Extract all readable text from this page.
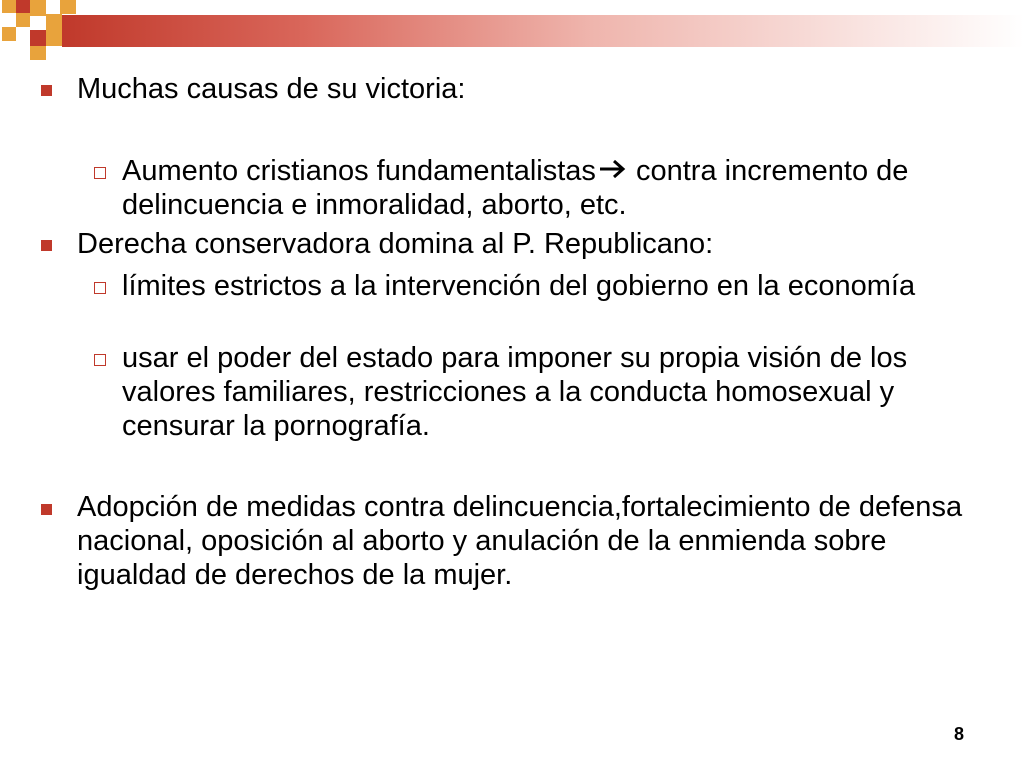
Muchas causas de su victoria:
Aumento cristianos fundamentalistas contra incremento de delincuencia e inmoralidad, aborto, etc.
Derecha conservadora domina al P. Republicano:
límites estrictos a la intervención del gobierno en la economía
usar el poder del estado para imponer su propia visión de los valores familiares, restricciones a la conducta homosexual y censurar la pornografía.
Adopción de medidas contra delincuencia,fortalecimiento de defensa nacional, oposición al aborto y anulación de la enmienda sobre igualdad de derechos de la mujer.
8
